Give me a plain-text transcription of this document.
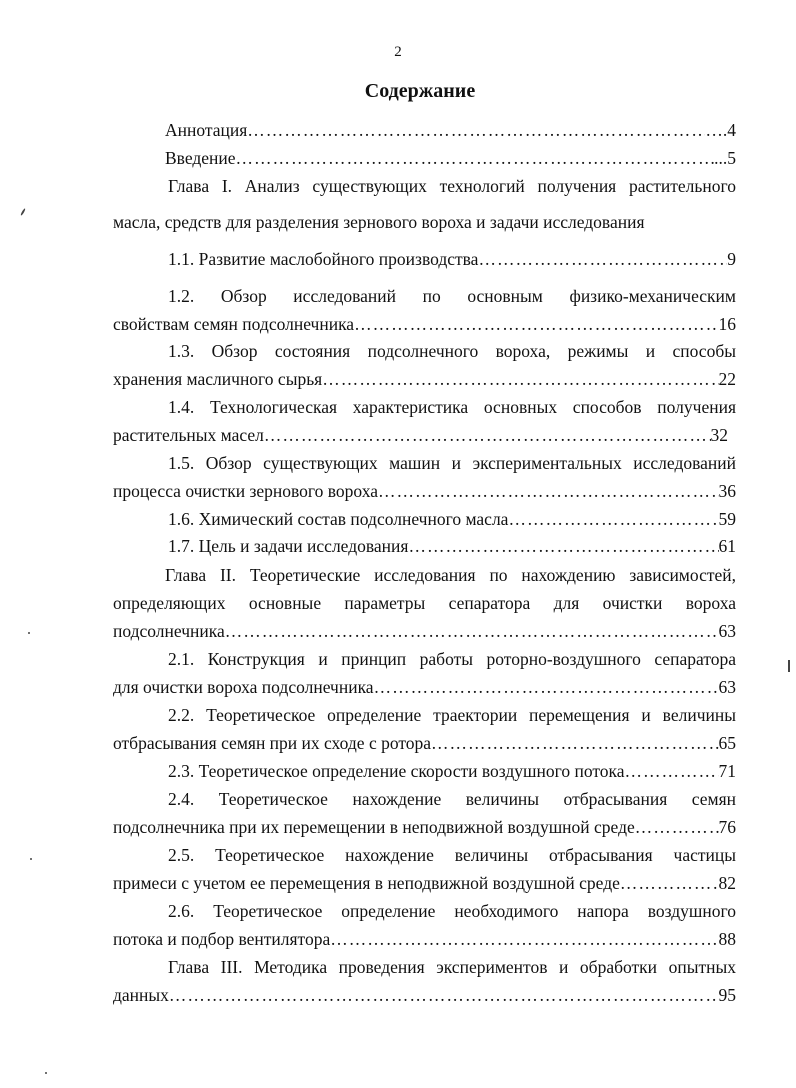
2
Содержание
Аннотация ……………………………………………………………………………………………………………………………………………………	….4
Введение ……………………………………………………………………………………………………………………………………………………	...5
Глава I. Анализ существующих технологий получения растительного
масла, средств для разделения зернового вороха и задачи исследования
1.1. Развитие маслобойного производства ……………………………………………………………………………………………………………………………………………………	9
1.2. Обзор исследований по основным физико-механическим
свойствам семян подсолнечника ……………………………………………………………………………………………………………………………………………………	16
1.3. Обзор состояния подсолнечного вороха, режимы и способы
хранения масличного сырья ……………………………………………………………………………………………………………………………………………………	22
1.4. Технологическая характеристика основных способов получения
растительных масел ……………………………………………………………………………………………………………………………………………………	32
1.5. Обзор существующих машин и экспериментальных исследований
процесса очистки зернового вороха ……………………………………………………………………………………………………………………………………………………	36
1.6. Химический состав подсолнечного масла ……………………………………………………………………………………………………………………………………………………	59
1.7. Цель и задачи исследования ……………………………………………………………………………………………………………………………………………………	61
Глава II. Теоретические исследования по нахождению зависимостей,
определяющих основные параметры сепаратора для очистки вороха
подсолнечника ……………………………………………………………………………………………………………………………………………………	63
2.1. Конструкция и принцип работы роторно-воздушного сепаратора
для очистки вороха подсолнечника ……………………………………………………………………………………………………………………………………………………	63
2.2. Теоретическое определение траектории перемещения и величины
отбрасывания семян при их сходе с ротора ……………………………………………………………………………………………………………………………………………………	65
2.3. Теоретическое определение скорости воздушного потока ……………………………………………………………………………………………………………………………………………………	71
2.4. Теоретическое нахождение величины отбрасывания семян
подсолнечника при их перемещении в неподвижной воздушной среде ……………………………………………………………………………………………………………………………………………………	76
2.5. Теоретическое нахождение величины отбрасывания частицы
примеси с учетом ее перемещения в неподвижной воздушной среде ……………………………………………………………………………………………………………………………………………………	82
2.6. Теоретическое определение необходимого напора воздушного
потока и подбор вентилятора ……………………………………………………………………………………………………………………………………………………	88
Глава III. Методика проведения экспериментов и обработки опытных
данных ……………………………………………………………………………………………………………………………………………………	95
